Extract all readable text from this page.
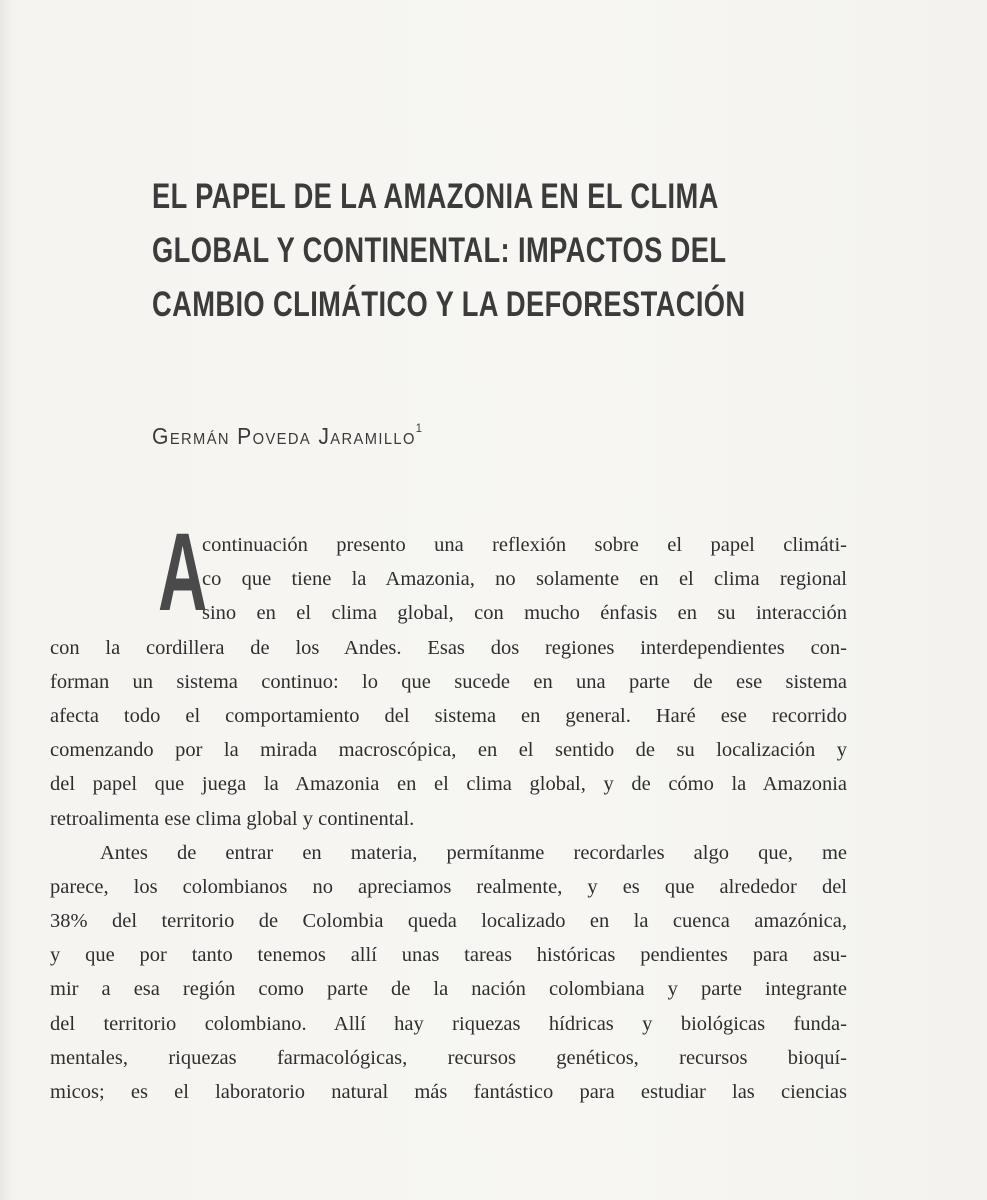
EL PAPEL DE LA AMAZONIA EN EL CLIMA
GLOBAL Y CONTINENTAL: IMPACTOS DEL
CAMBIO CLIMÁTICO Y LA DEFORESTACIÓN
Germán Poveda Jaramillo$^1$
A
continuación presento una reflexión sobre el papel climáti-
co que tiene la Amazonia, no solamente en el clima regional
sino en el clima global, con mucho énfasis en su interacción
con la cordillera de los Andes. Esas dos regiones interdependientes con-
forman un sistema continuo: lo que sucede en una parte de ese sistema
afecta todo el comportamiento del sistema en general. Haré ese recorrido
comenzando por la mirada macroscópica, en el sentido de su localización y
del papel que juega la Amazonia en el clima global, y de cómo la Amazonia
retroalimenta ese clima global y continental.
Antes de entrar en materia, permítanme recordarles algo que, me
parece, los colombianos no apreciamos realmente, y es que alrededor del
38% del territorio de Colombia queda localizado en la cuenca amazónica,
y que por tanto tenemos allí unas tareas históricas pendientes para asu-
mir a esa región como parte de la nación colombiana y parte integrante
del territorio colombiano. Allí hay riquezas hídricas y biológicas funda-
mentales, riquezas farmacológicas, recursos genéticos, recursos bioquí-
micos; es el laboratorio natural más fantástico para estudiar las ciencias
